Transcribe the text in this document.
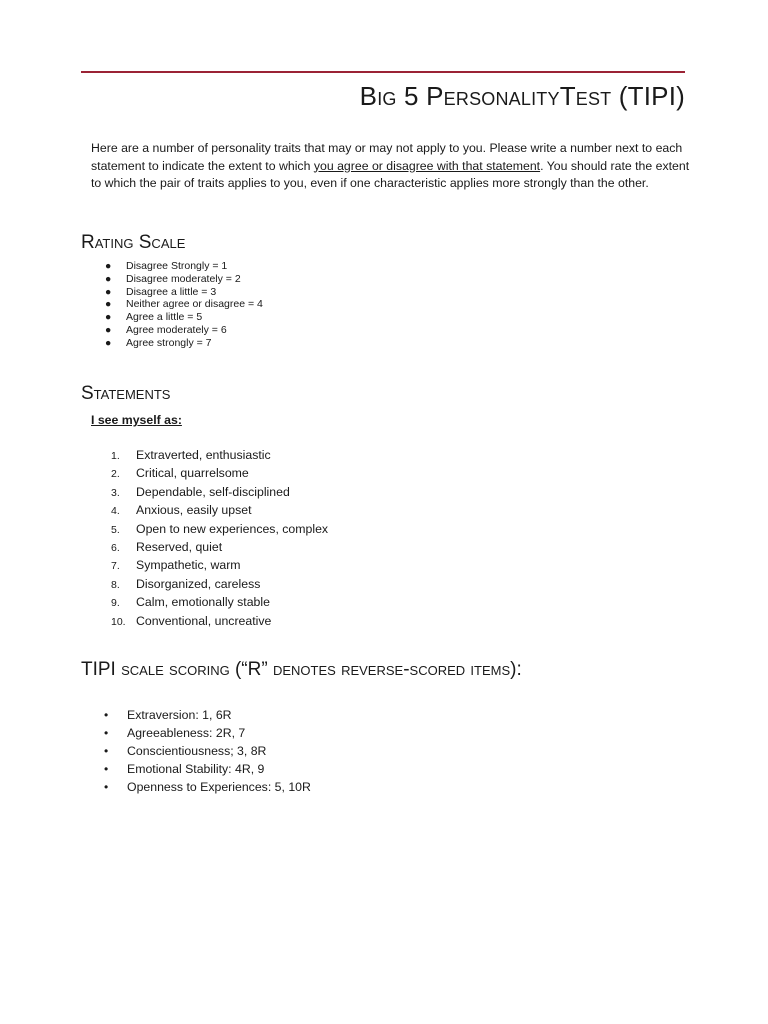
Big 5 PersonalityTest (TIPI)

Here are a number of personality traits that may or may not apply to you. Please write a number next to each statement to indicate the extent to which you agree or disagree with that statement. You should rate the extent to which the pair of traits applies to you, even if one characteristic applies more strongly than the other.

Rating Scale
● Disagree Strongly = 1
● Disagree moderately = 2
● Disagree a little = 3
● Neither agree or disagree = 4
● Agree a little = 5
● Agree moderately = 6
● Agree strongly = 7
Statements

I see myself as:

1. Extraverted, enthusiastic
2. Critical, quarrelsome
3. Dependable, self-disciplined
4. Anxious, easily upset
5. Open to new experiences, complex
6. Reserved, quiet
7. Sympathetic, warm
8. Disorganized, careless
9. Calm, emotionally stable
10. Conventional, uncreative
TIPI scale scoring (“R” denotes reverse-scored items):
• Extraversion: 1, 6R
• Agreeableness: 2R, 7
• Conscientiousness; 3, 8R
• Emotional Stability: 4R, 9
• Openness to Experiences: 5, 10R
